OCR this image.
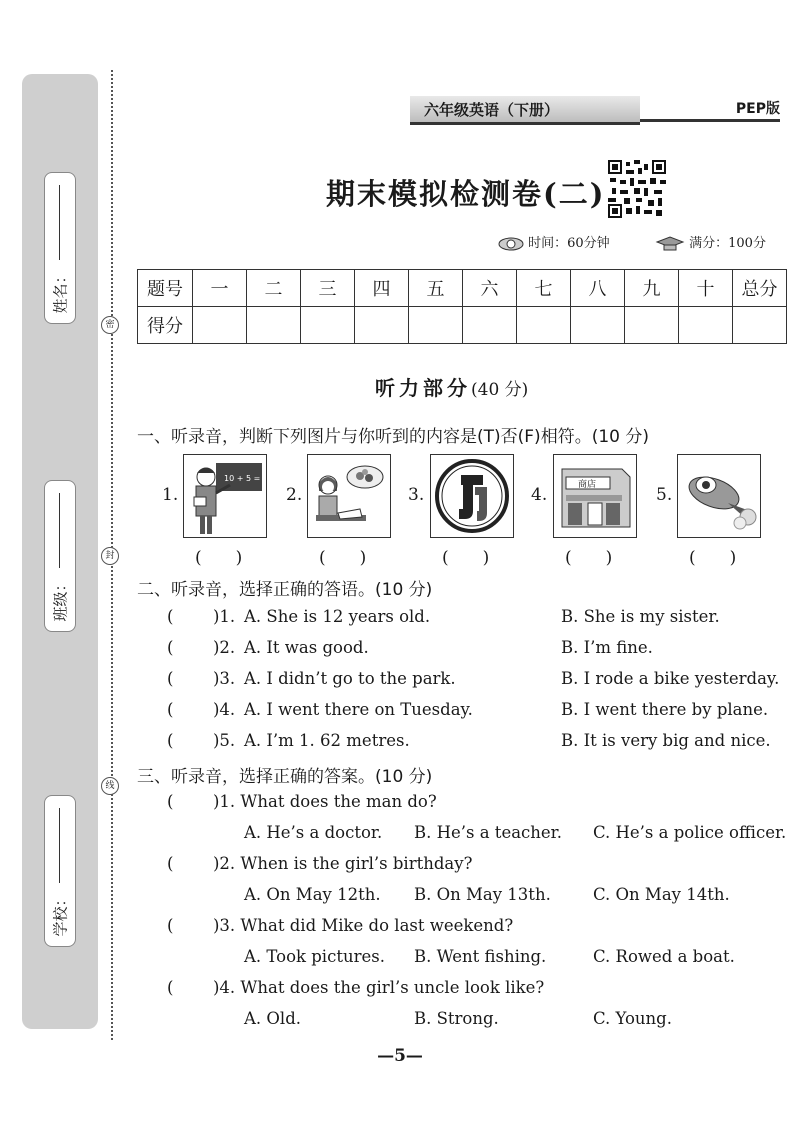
姓名：
班级：
学校：
密
封
线
六年级英语（下册）	PEP版
期末模拟检测卷(二)
时间：60分钟	满分：100分
题号	一	二	三	四	五	六	七	八	九	十	总分
得分											
听力部分(40 分)
一、听录音，判断下列图片与你听到的内容是(T)否(F)相符。(10 分)
1.
10 + 5 =
2.	3.	4.	商店	5.
(　　)	(　　)	(　　)	(　　)	(　　)
二、听录音，选择正确的答语。(10 分)
( )1. A. She is 12 years old.	B. She is my sister.
( )2. A. It was good.	B. I’m fine.
( )3. A. I didn’t go to the park.	B. I rode a bike yesterday.
( )4. A. I went there on Tuesday.	B. I went there by plane.
( )5. A. I’m 1. 62 metres.	B. It is very big and nice.
三、听录音，选择正确的答案。(10 分)
( )1. What does the man do?
A. He’s a doctor. B. He’s a teacher. C. He’s a police officer.
( )2. When is the girl’s birthday?
A. On May 12th. B. On May 13th.	C. On May 14th.
( )3. What did Mike do last weekend?
A. Took pictures. B. Went fishing.	C. Rowed a boat.
( )4. What does the girl’s uncle look like?
A. Old.	B. Strong.	C. Young.
—5—
